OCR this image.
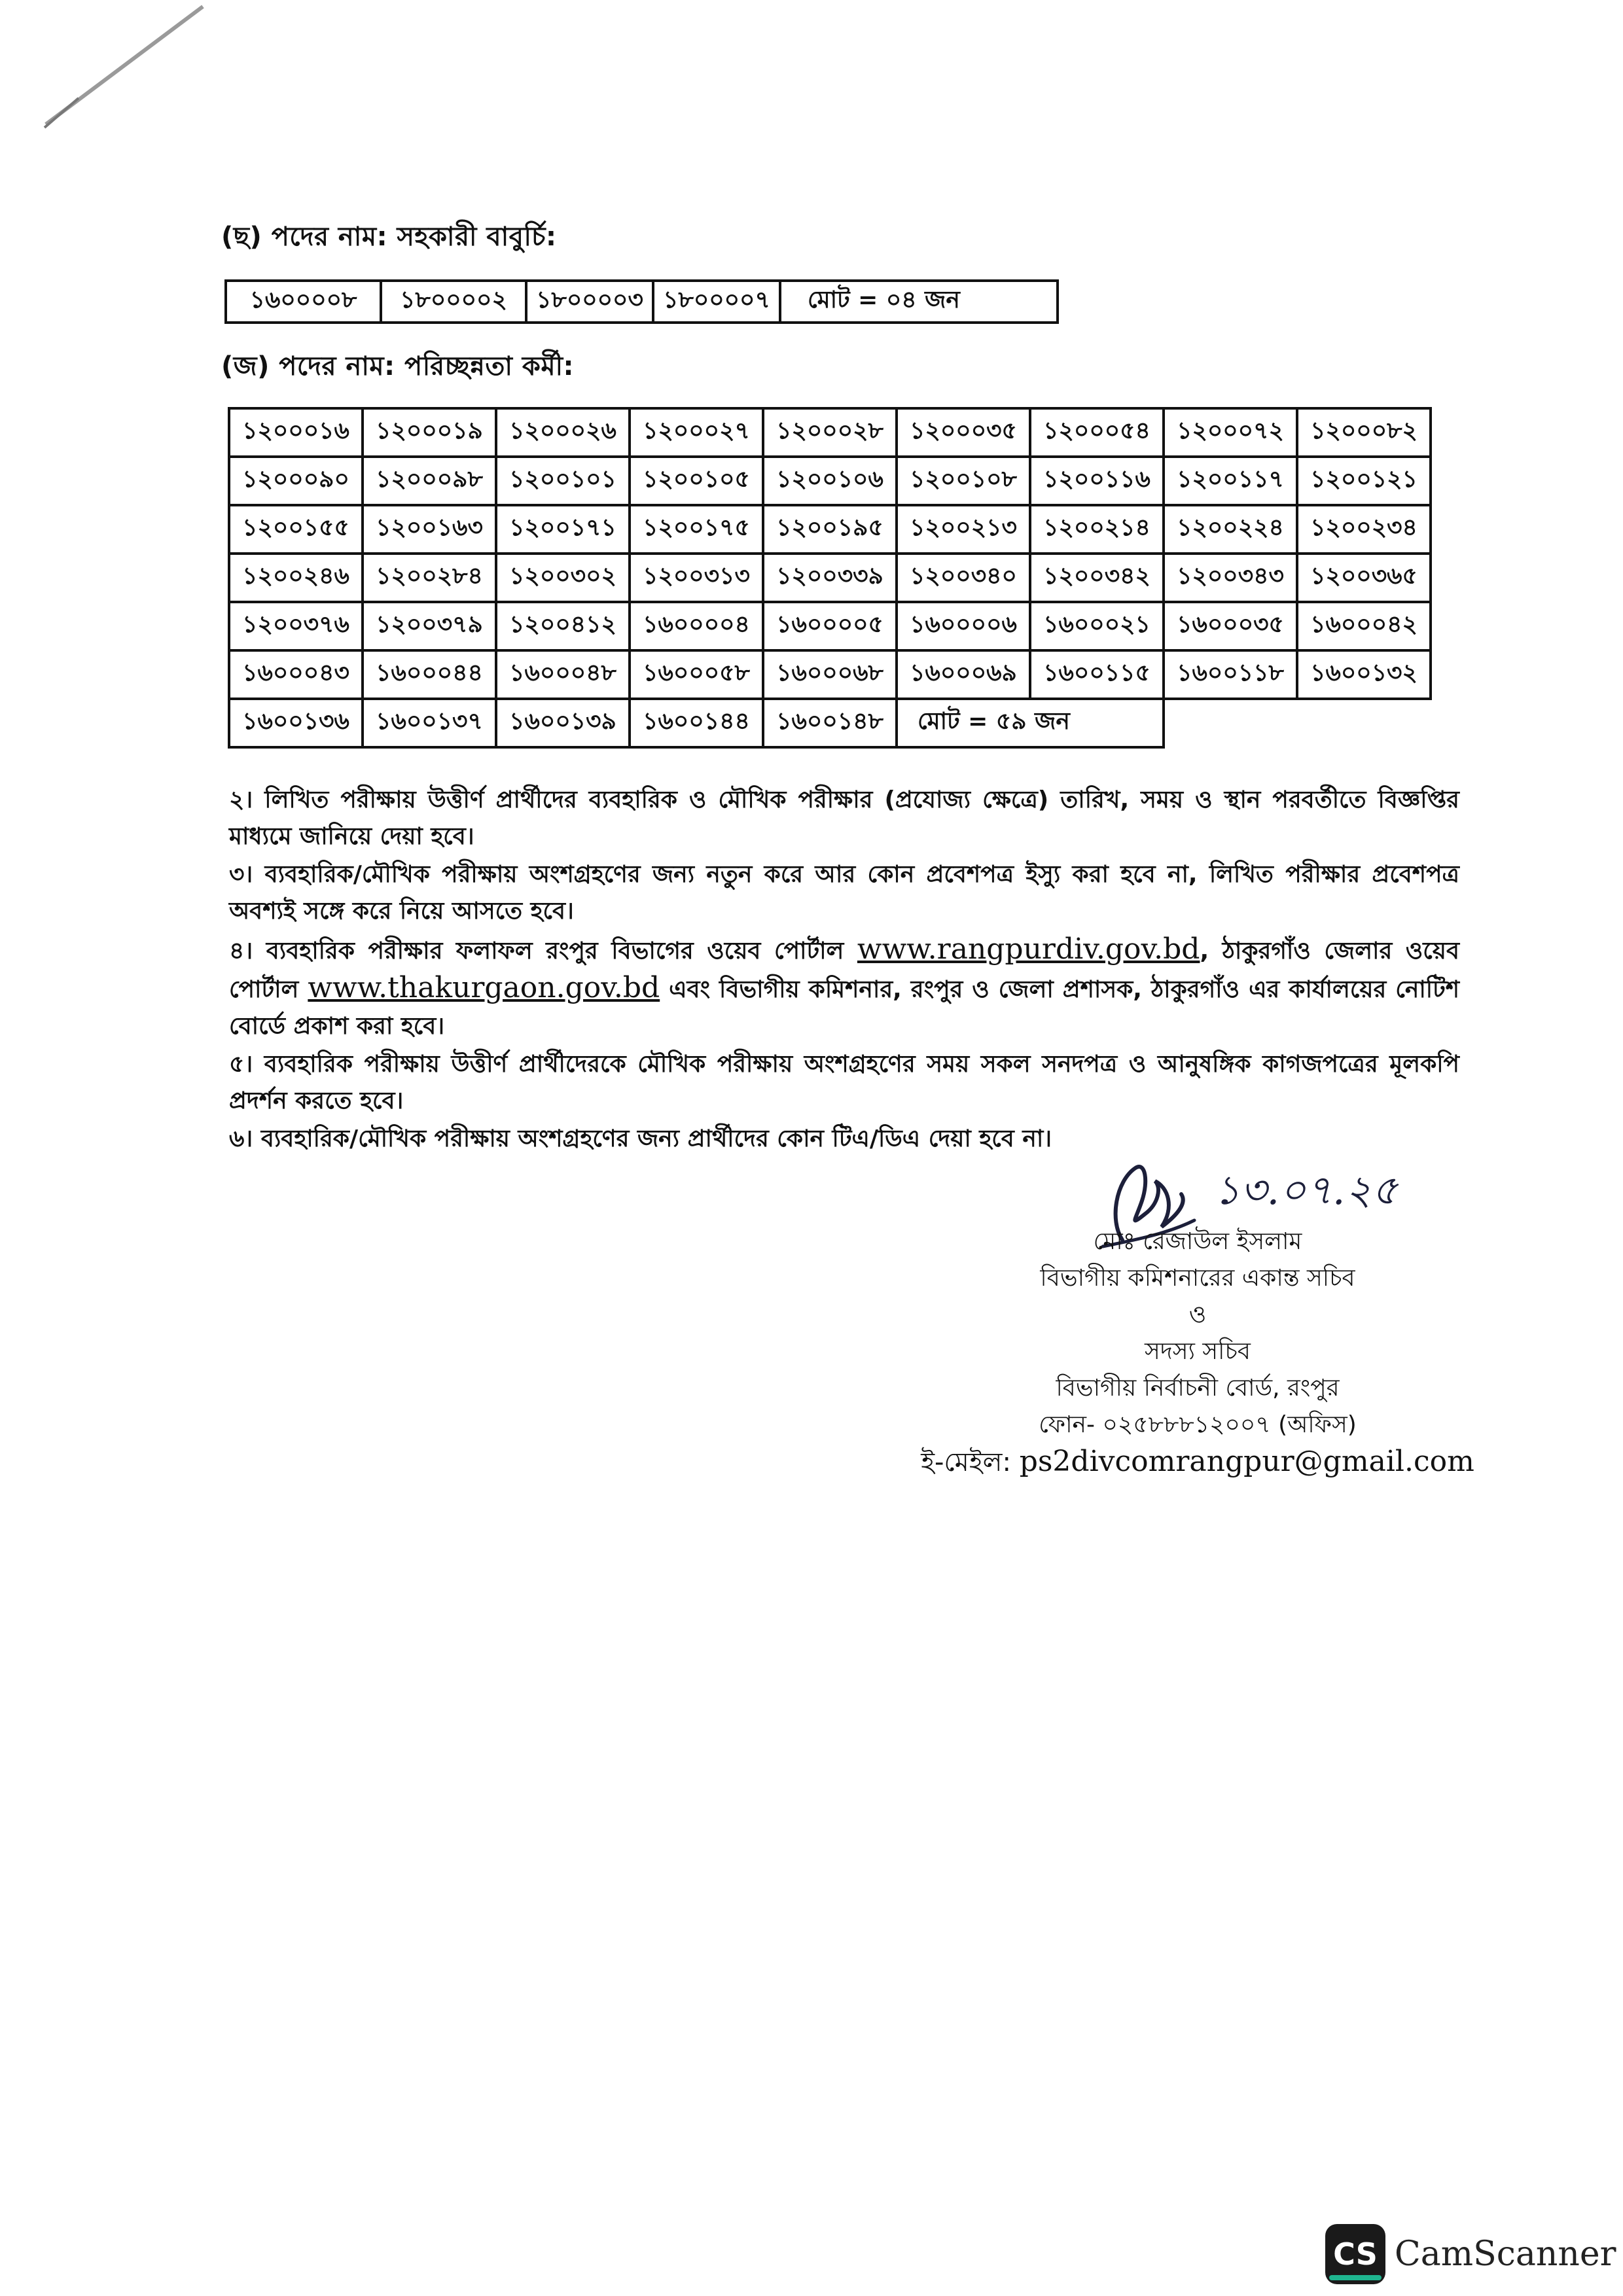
(ছ) পদের নাম: সহকারী বাবুর্চি:
১৬০০০০৮	১৮০০০০২	১৮০০০০৩	১৮০০০০৭	মোট = ০৪ জন
(জ) পদের নাম: পরিচ্ছন্নতা কর্মী:
১২০০০১৬	১২০০০১৯	১২০০০২৬	১২০০০২৭	১২০০০২৮	১২০০০৩৫	১২০০০৫৪	১২০০০৭২	১২০০০৮২
১২০০০৯০	১২০০০৯৮	১২০০১০১	১২০০১০৫	১২০০১০৬	১২০০১০৮	১২০০১১৬	১২০০১১৭	১২০০১২১
১২০০১৫৫	১২০০১৬৩	১২০০১৭১	১২০০১৭৫	১২০০১৯৫	১২০০২১৩	১২০০২১৪	১২০০২২৪	১২০০২৩৪
১২০০২৪৬	১২০০২৮৪	১২০০৩০২	১২০০৩১৩	১২০০৩৩৯	১২০০৩৪০	১২০০৩৪২	১২০০৩৪৩	১২০০৩৬৫
১২০০৩৭৬	১২০০৩৭৯	১২০০৪১২	১৬০০০০৪	১৬০০০০৫	১৬০০০০৬	১৬০০০২১	১৬০০০৩৫	১৬০০০৪২
১৬০০০৪৩	১৬০০০৪৪	১৬০০০৪৮	১৬০০০৫৮	১৬০০০৬৮	১৬০০০৬৯	১৬০০১১৫	১৬০০১১৮	১৬০০১৩২
১৬০০১৩৬	১৬০০১৩৭	১৬০০১৩৯	১৬০০১৪৪	১৬০০১৪৮	মোট = ৫৯ জন			

২। লিখিত পরীক্ষায় উত্তীর্ণ প্রার্থীদের ব্যবহারিক ও মৌখিক পরীক্ষার (প্রযোজ্য ক্ষেত্রে) তারিখ, সময় ও স্থান পরবর্তীতে বিজ্ঞপ্তির মাধ্যমে জানিয়ে দেয়া হবে।

৩। ব্যবহারিক/মৌখিক পরীক্ষায় অংশগ্রহণের জন্য নতুন করে আর কোন প্রবেশপত্র ইস্যু করা হবে না, লিখিত পরীক্ষার প্রবেশপত্র অবশ্যই সঙ্গে করে নিয়ে আসতে হবে।

৪। ব্যবহারিক পরীক্ষার ফলাফল রংপুর বিভাগের ওয়েব পোর্টাল www.rangpurdiv.gov.bd, ঠাকুরগাঁও জেলার ওয়েব পোর্টাল www.thakurgaon.gov.bd এবং বিভাগীয় কমিশনার, রংপুর ও জেলা প্রশাসক, ঠাকুরগাঁও এর কার্যালয়ের নোটিশ বোর্ডে প্রকাশ করা হবে।

৫। ব্যবহারিক পরীক্ষায় উত্তীর্ণ প্রার্থীদেরকে মৌখিক পরীক্ষায় অংশগ্রহণের সময় সকল সনদপত্র ও আনুষঙ্গিক কাগজপত্রের মূলকপি প্রদর্শন করতে হবে।

৬। ব্যবহারিক/মৌখিক পরীক্ষায় অংশগ্রহণের জন্য প্রার্থীদের কোন টিএ/ডিএ দেয়া হবে না।

১৩.০৭.২৫
মোঃ রেজাউল ইসলাম
বিভাগীয় কমিশনারের একান্ত সচিব
ও
সদস্য সচিব
বিভাগীয় নির্বাচনী বোর্ড, রংপুর
ফোন- ০২৫৮৮৮১২০০৭ (অফিস)
ই-মেইল: ps2divcomrangpur@gmail.com
CS CamScanner
